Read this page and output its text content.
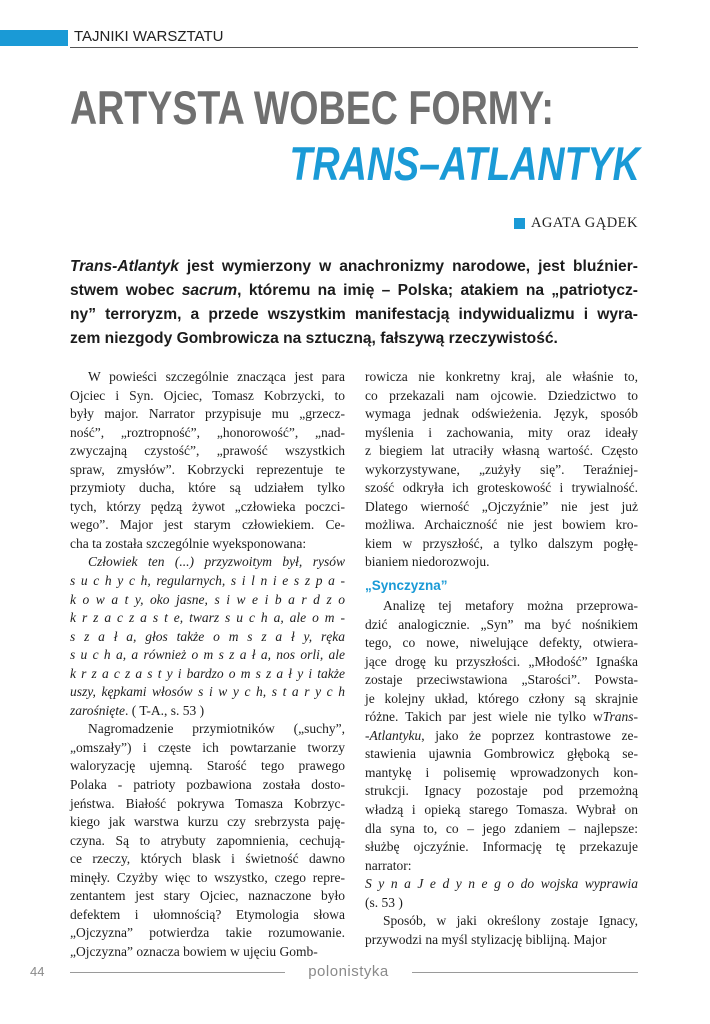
TAJNIKI WARSZTATU
ARTYSTA WOBEC FORMY:
TRANS–ATLANTYK
AGATA GĄDEK
Trans-Atlantyk jest wymierzony w anachronizmy narodowe, jest bluźnier-
stwem wobec sacrum, któremu na imię – Polska; atakiem na „patriotycz-
ny” terroryzm, a przede wszystkim manifestacją indywidualizmu i wyra-
zem niezgody Gombrowicza na sztuczną, fałszywą rzeczywistość.
W powieści szczególnie znacząca jest para
Ojciec i Syn. Ojciec, Tomasz Kobrzycki, to
były major. Narrator przypisuje mu „grzecz-
ność”, „roztropność”, „honorowość”, „nad-
zwyczajną czystość”, „prawość wszystkich
spraw, zmysłów”. Kobrzycki reprezentuje te
przymioty ducha, które są udziałem tylko
tych, którzy pędzą żywot „człowieka poczci-
wego”. Major jest starym człowiekiem. Ce-
cha ta została szczególnie wyeksponowana:
Człowiek ten (...) przyzwoitym był, rysów
s u c h y c h, regularnych, s i l n i e s z p a -
k o w a t y, oko jasne, s i w e i b a r d z o
k r z a c z a s t e, twarz s u c h a, ale o m -
s z a ł a, głos także o m s z a ł y, ręka
s u c h a, a również o m s z a ł a, nos orli, ale
k r z a c z a s t y i bardzo o m s z a ł y i także
uszy, kępkami włosów s i w y c h, s t a r y c h
zarośnięte. ( T-A., s. 53 )
Nagromadzenie przymiotników („suchy”,
„omszały”) i częste ich powtarzanie tworzy
waloryzację ujemną. Starość tego prawego
Polaka - patrioty pozbawiona została dosto-
jeństwa. Białość pokrywa Tomasza Kobrzyc-
kiego jak warstwa kurzu czy srebrzysta paję-
czyna. Są to atrybuty zapomnienia, cechują-
ce rzeczy, których blask i świetność dawno
minęły. Czyżby więc to wszystko, czego repre-
zentantem jest stary Ojciec, naznaczone było
defektem i ułomnością? Etymologia słowa
„Ojczyzna” potwierdza takie rozumowanie.
„Ojczyzna” oznacza bowiem w ujęciu Gomb-
rowicza nie konkretny kraj, ale właśnie to,
co przekazali nam ojcowie. Dziedzictwo to
wymaga jednak odświeżenia. Język, sposób
myślenia i zachowania, mity oraz ideały
z biegiem lat utraciły własną wartość. Często
wykorzystywane, „zużyły się”. Teraźniej-
szość odkryła ich groteskowość i trywialność.
Dlatego wierność „Ojczyźnie” nie jest już
możliwa. Archaiczność nie jest bowiem kro-
kiem w przyszłość, a tylko dalszym pogłę-
bianiem niedorozwoju.
„Synczyzna”
Analizę tej metafory można przeprowa-
dzić analogicznie. „Syn” ma być nośnikiem
tego, co nowe, niwelujące defekty, otwiera-
jące drogę ku przyszłości. „Młodość” Ignaśka
zostaje przeciwstawiona „Starości”. Powsta-
je kolejny układ, którego człony są skrajnie
różne. Takich par jest wiele nie tylko wTrans-
-Atlantyku, jako że poprzez kontrastowe ze-
stawienia ujawnia Gombrowicz głęboką se-
mantykę i polisemię wprowadzonych kon-
strukcji. Ignacy pozostaje pod przemożną
władzą i opieką starego Tomasza. Wybrał on
dla syna to, co – jego zdaniem – najlepsze:
służbę ojczyźnie. Informację tę przekazuje
narrator:
S y n a J e d y n e g o do wojska wyprawia
(s. 53 )
Sposób, w jaki określony zostaje Ignacy,
przywodzi na myśl stylizację biblijną. Major
44	polonistyka
